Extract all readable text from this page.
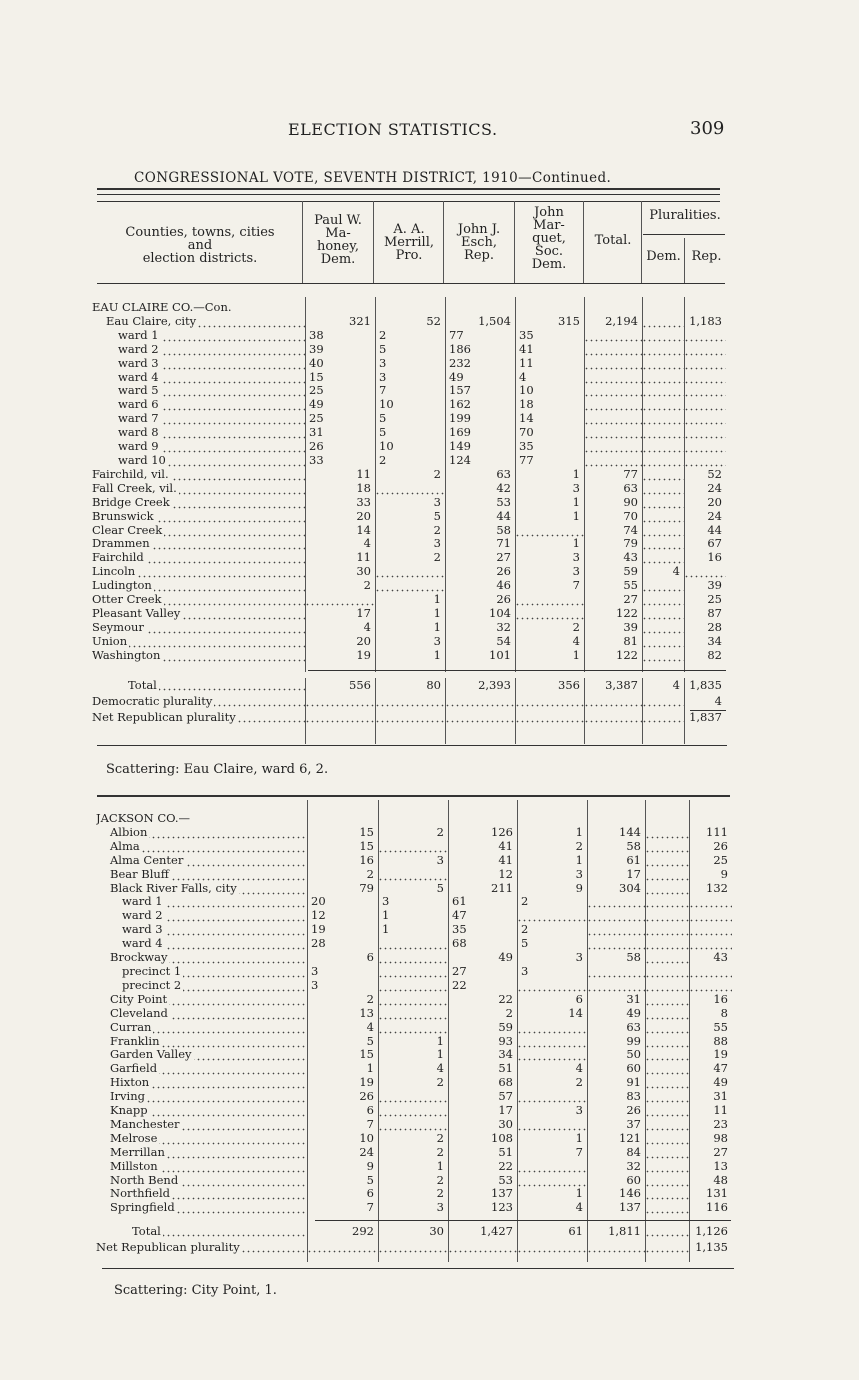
ELECTION STATISTICS.	309
CONGRESSIONAL VOTE, SEVENTH DISTRICT, 1910—Continued.
Counties, towns, cities
and
election districts.
Paul W.
Ma-
honey,
Dem.
A. A.
Merrill,
Pro.
John J.
Esch,
Rep.
John
Mar-
quet,
Soc.
Dem.
Total.
Pluralities.
Dem. Rep.
EAU CLAIRE CO.—Con.							
Eau Claire, city	321	52	1,504	315	2,194		1,183
ward 1	38	2	77	35			
ward 2	39	5	186	41			
ward 3	40	3	232	11			
ward 4	15	3	49	4			
ward 5	25	7	157	10			
ward 6	49	10	162	18			
ward 7	25	5	199	14			
ward 8	31	5	169	70			
ward 9	26	10	149	35			
ward 10	33	2	124	77			
Fairchild, vil.	11	2	63	1	77		52
Fall Creek, vil.	18		42	3	63		24
Bridge Creek	33	3	53	1	90		20
Brunswick	20	5	44	1	70		24
Clear Creek	14	2	58		74		44
Drammen	4	3	71	1	79		67
Fairchild	11	2	27	3	43		16
Lincoln	30		26	3	59	4	
Ludington	2		46	7	55		39
Otter Creek		1	26		27		25
Pleasant Valley	17	1	104		122		87
Seymour	4	1	32	2	39		28
Union	20	3	54	4	81		34
Washington	19	1	101	1	122		82
Total	556	80	2,393	356	3,387	4	1,835
Democratic plurality							4
Net Republican plurality							1,837
Scattering: Eau Claire, ward 6, 2.
JACKSON CO.—							
Albion	15	2	126	1	144		111
Alma	15		41	2	58		26
Alma Center	16	3	41	1	61		25
Bear Bluff	2		12	3	17		9
Black River Falls, city	79	5	211	9	304		132
ward 1	20	3	61	2			
ward 2	12	1	47				
ward 3	19	1	35	2			
ward 4	28		68	5			
Brockway	6		49	3	58		43
precinct 1	3		27	3			
precinct 2	3		22				
City Point	2		22	6	31		16
Cleveland	13		2	14	49		8
Curran	4		59		63		55
Franklin	5	1	93		99		88
Garden Valley	15	1	34		50		19
Garfield	1	4	51	4	60		47
Hixton	19	2	68	2	91		49
Irving	26		57		83		31
Knapp	6		17	3	26		11
Manchester	7		30		37		23
Melrose	10	2	108	1	121		98
Merrillan	24	2	51	7	84		27
Millston	9	1	22		32		13
North Bend	5	2	53		60		48
Northfield	6	2	137	1	146		131
Springfield	7	3	123	4	137		116
Total	292	30	1,427	61	1,811		1,126
Net Republican plurality							1,135
Scattering: City Point, 1.
